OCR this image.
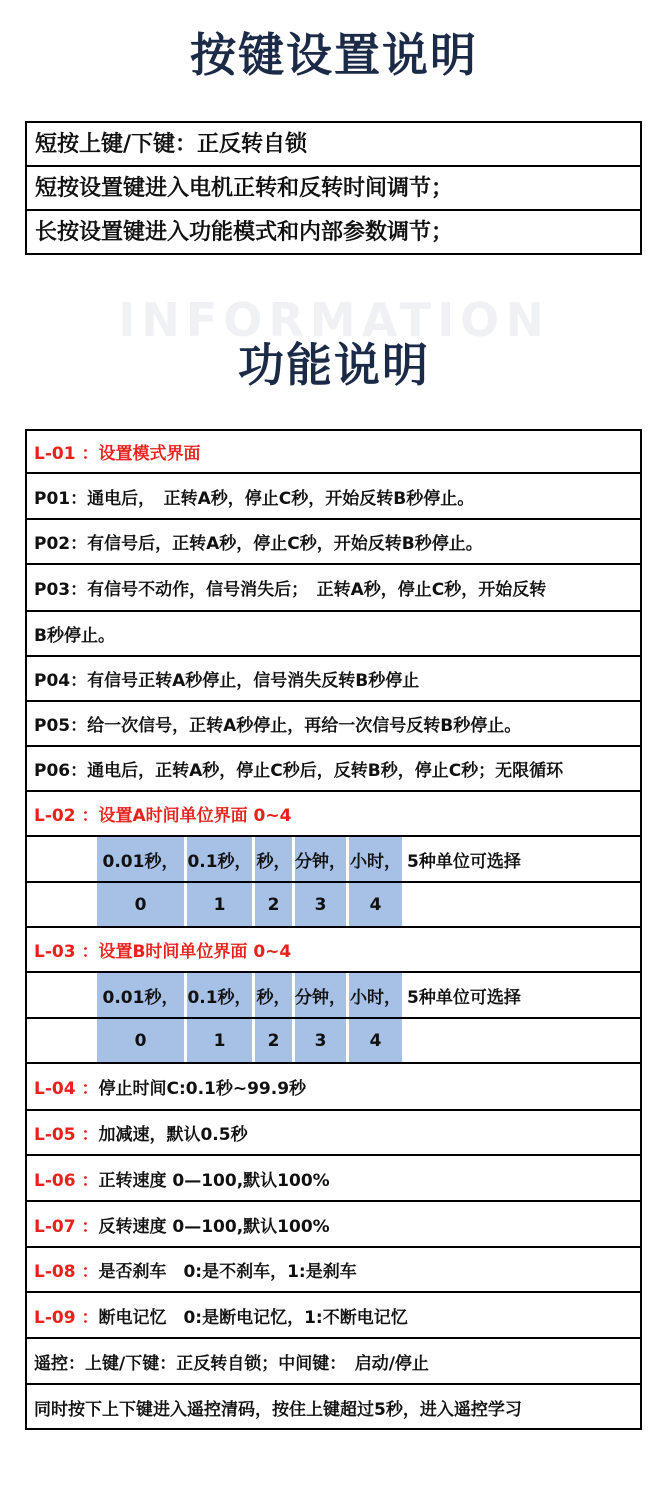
按键设置说明
短按上键/下键：正反转自锁
短按设置键进入电机正转和反转时间调节；
长按设置键进入功能模式和内部参数调节；
INFORMATION
功能说明
L-01 ： 设置模式界面
P01：通电后，　正转A秒，停止C秒，开始反转B秒停止。
P02：有信号后，正转A秒，停止C秒，开始反转B秒停止。
P03：有信号不动作，信号消失后；　正转A秒，停止C秒，开始反转
B秒停止。
P04：有信号正转A秒停止，信号消失反转B秒停止
P05：给一次信号，正转A秒停止，再给一次信号反转B秒停止。
P06：通电后，正转A秒，停止C秒后，反转B秒，停止C秒；无限循环
L-02 ： 设置A时间单位界面 0~4
0.01秒， 0.1秒， 秒， 分钟， 小时， 5种单位可选择
0	1	2	3	4
L-03 ： 设置B时间单位界面 0~4
0.01秒， 0.1秒， 秒， 分钟， 小时， 5种单位可选择
0	1	2	3	4
L-04 ： 停止时间C:0.1秒~99.9秒
L-05 ： 加减速，默认0.5秒
L-06 ： 正转速度 0—100,默认100%
L-07 ： 反转速度 0—100,默认100%
L-08 ： 是否刹车　0:是不刹车，1:是刹车
L-09 ： 断电记忆　0:是断电记忆，1:不断电记忆
遥控：上键/下键：正反转自锁；中间键：　启动/停止
同时按下上下键进入遥控清码，按住上键超过5秒，进入遥控学习
